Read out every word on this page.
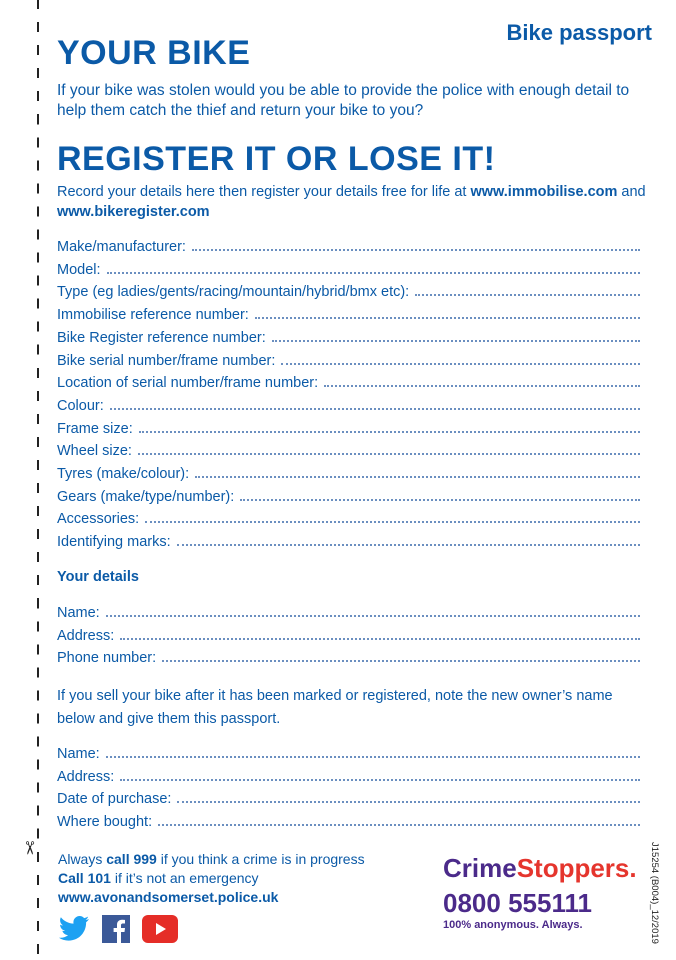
✂
Bike passport
YOUR BIKE
If your bike was stolen would you be able to provide the police with enough detail to help them catch the thief and return your bike to you?
REGISTER IT OR LOSE IT!
Record your details here then register your details free for life at www.immobilise.com and www.bikeregister.com
Make/manufacturer:
Model:
Type (eg ladies/gents/racing/mountain/hybrid/bmx etc):
Immobilise reference number:
Bike Register reference number:
Bike serial number/frame number:
Location of serial number/frame number:
Colour:
Frame size:
Wheel size:
Tyres (make/colour):
Gears (make/type/number):
Accessories:
Identifying marks:
Your details
Name:
Address:
Phone number:
If you sell your bike after it has been marked or registered, note the new owner’s name below and give them this passport.
Name:
Address:
Date of purchase:
Where bought:
Always call 999 if you think a crime is in progress
Call 101 if it’s not an emergency
www.avonandsomerset.police.uk
CrimeStoppers.
0800 555111
100% anonymous. Always.	J15254 (B004)_12/2019
